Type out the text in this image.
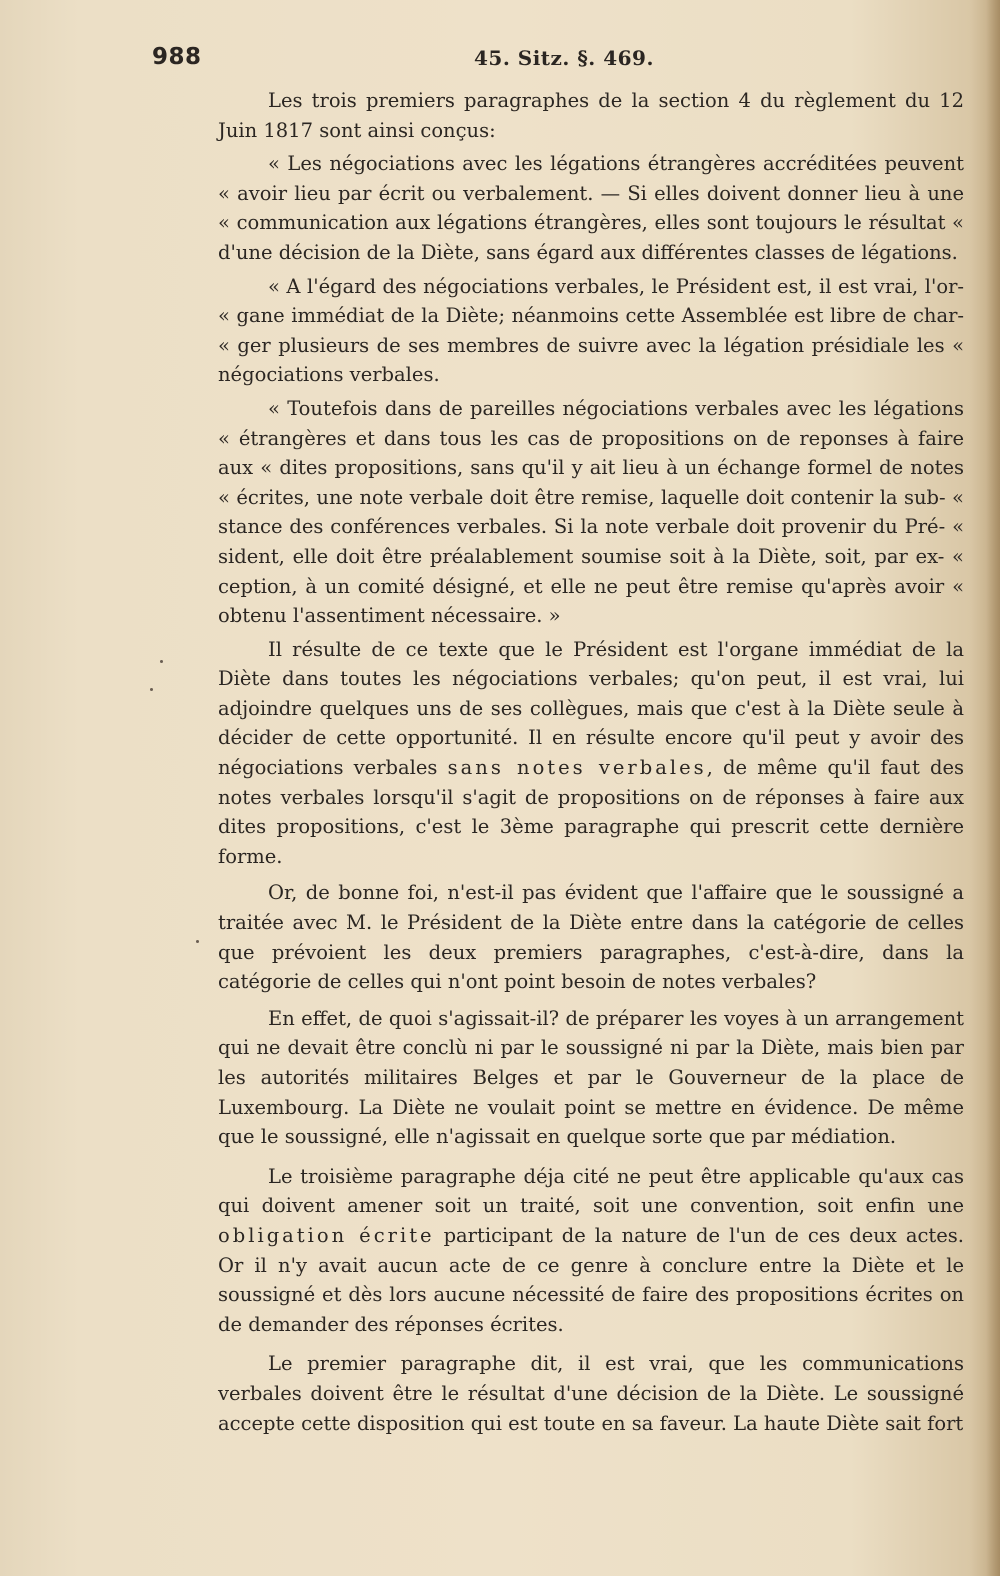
988	45. Sitz. §. 469.

Les trois premiers paragraphes de la section 4 du règlement du 12 Juin 1817 sont ainsi conçus:

« Les négociations avec les légations étrangères accréditées peuvent « avoir lieu par écrit ou verbalement. — Si elles doivent donner lieu à une « communication aux légations étrangères, elles sont toujours le résultat « d'une décision de la Diète, sans égard aux différentes classes de légations.

« A l'égard des négociations verbales, le Président est, il est vrai, l'or- « gane immédiat de la Diète; néanmoins cette Assemblée est libre de char- « ger plusieurs de ses membres de suivre avec la légation présidiale les « négociations verbales.

« Toutefois dans de pareilles négociations verbales avec les légations « étrangères et dans tous les cas de propositions on de reponses à faire aux « dites propositions, sans qu'il y ait lieu à un échange formel de notes « écrites, une note verbale doit être remise, laquelle doit contenir la sub- « stance des conférences verbales. Si la note verbale doit provenir du Pré- « sident, elle doit être préalablement soumise soit à la Diète, soit, par ex- « ception, à un comité désigné, et elle ne peut être remise qu'après avoir « obtenu l'assentiment nécessaire. »

Il résulte de ce texte que le Président est l'organe immédiat de la Diète dans toutes les négociations verbales; qu'on peut, il est vrai, lui adjoindre quelques uns de ses collègues, mais que c'est à la Diète seule à décider de cette opportunité. Il en résulte encore qu'il peut y avoir des négociations verbales sans notes verbales, de même qu'il faut des notes verbales lorsqu'il s'agit de propositions on de réponses à faire aux dites propositions, c'est le 3ème paragraphe qui prescrit cette dernière forme.

Or, de bonne foi, n'est-il pas évident que l'affaire que le soussigné a traitée avec M. le Président de la Diète entre dans la catégorie de celles que prévoient les deux premiers paragraphes, c'est-à-dire, dans la catégorie de celles qui n'ont point besoin de notes verbales?

En effet, de quoi s'agissait-il? de préparer les voyes à un arrangement qui ne devait être conclù ni par le soussigné ni par la Diète, mais bien par les autorités militaires Belges et par le Gouverneur de la place de Luxembourg. La Diète ne voulait point se mettre en évidence. De même que le soussigné, elle n'agissait en quelque sorte que par médiation.

Le troisième paragraphe déja cité ne peut être applicable qu'aux cas qui doivent amener soit un traité, soit une convention, soit enfin une obligation écrite participant de la nature de l'un de ces deux actes. Or il n'y avait aucun acte de ce genre à conclure entre la Diète et le soussigné et dès lors aucune nécessité de faire des propositions écrites on de demander des réponses écrites.

Le premier paragraphe dit, il est vrai, que les communications verbales doivent être le résultat d'une décision de la Diète. Le soussigné accepte cette disposition qui est toute en sa faveur. La haute Diète sait fort
